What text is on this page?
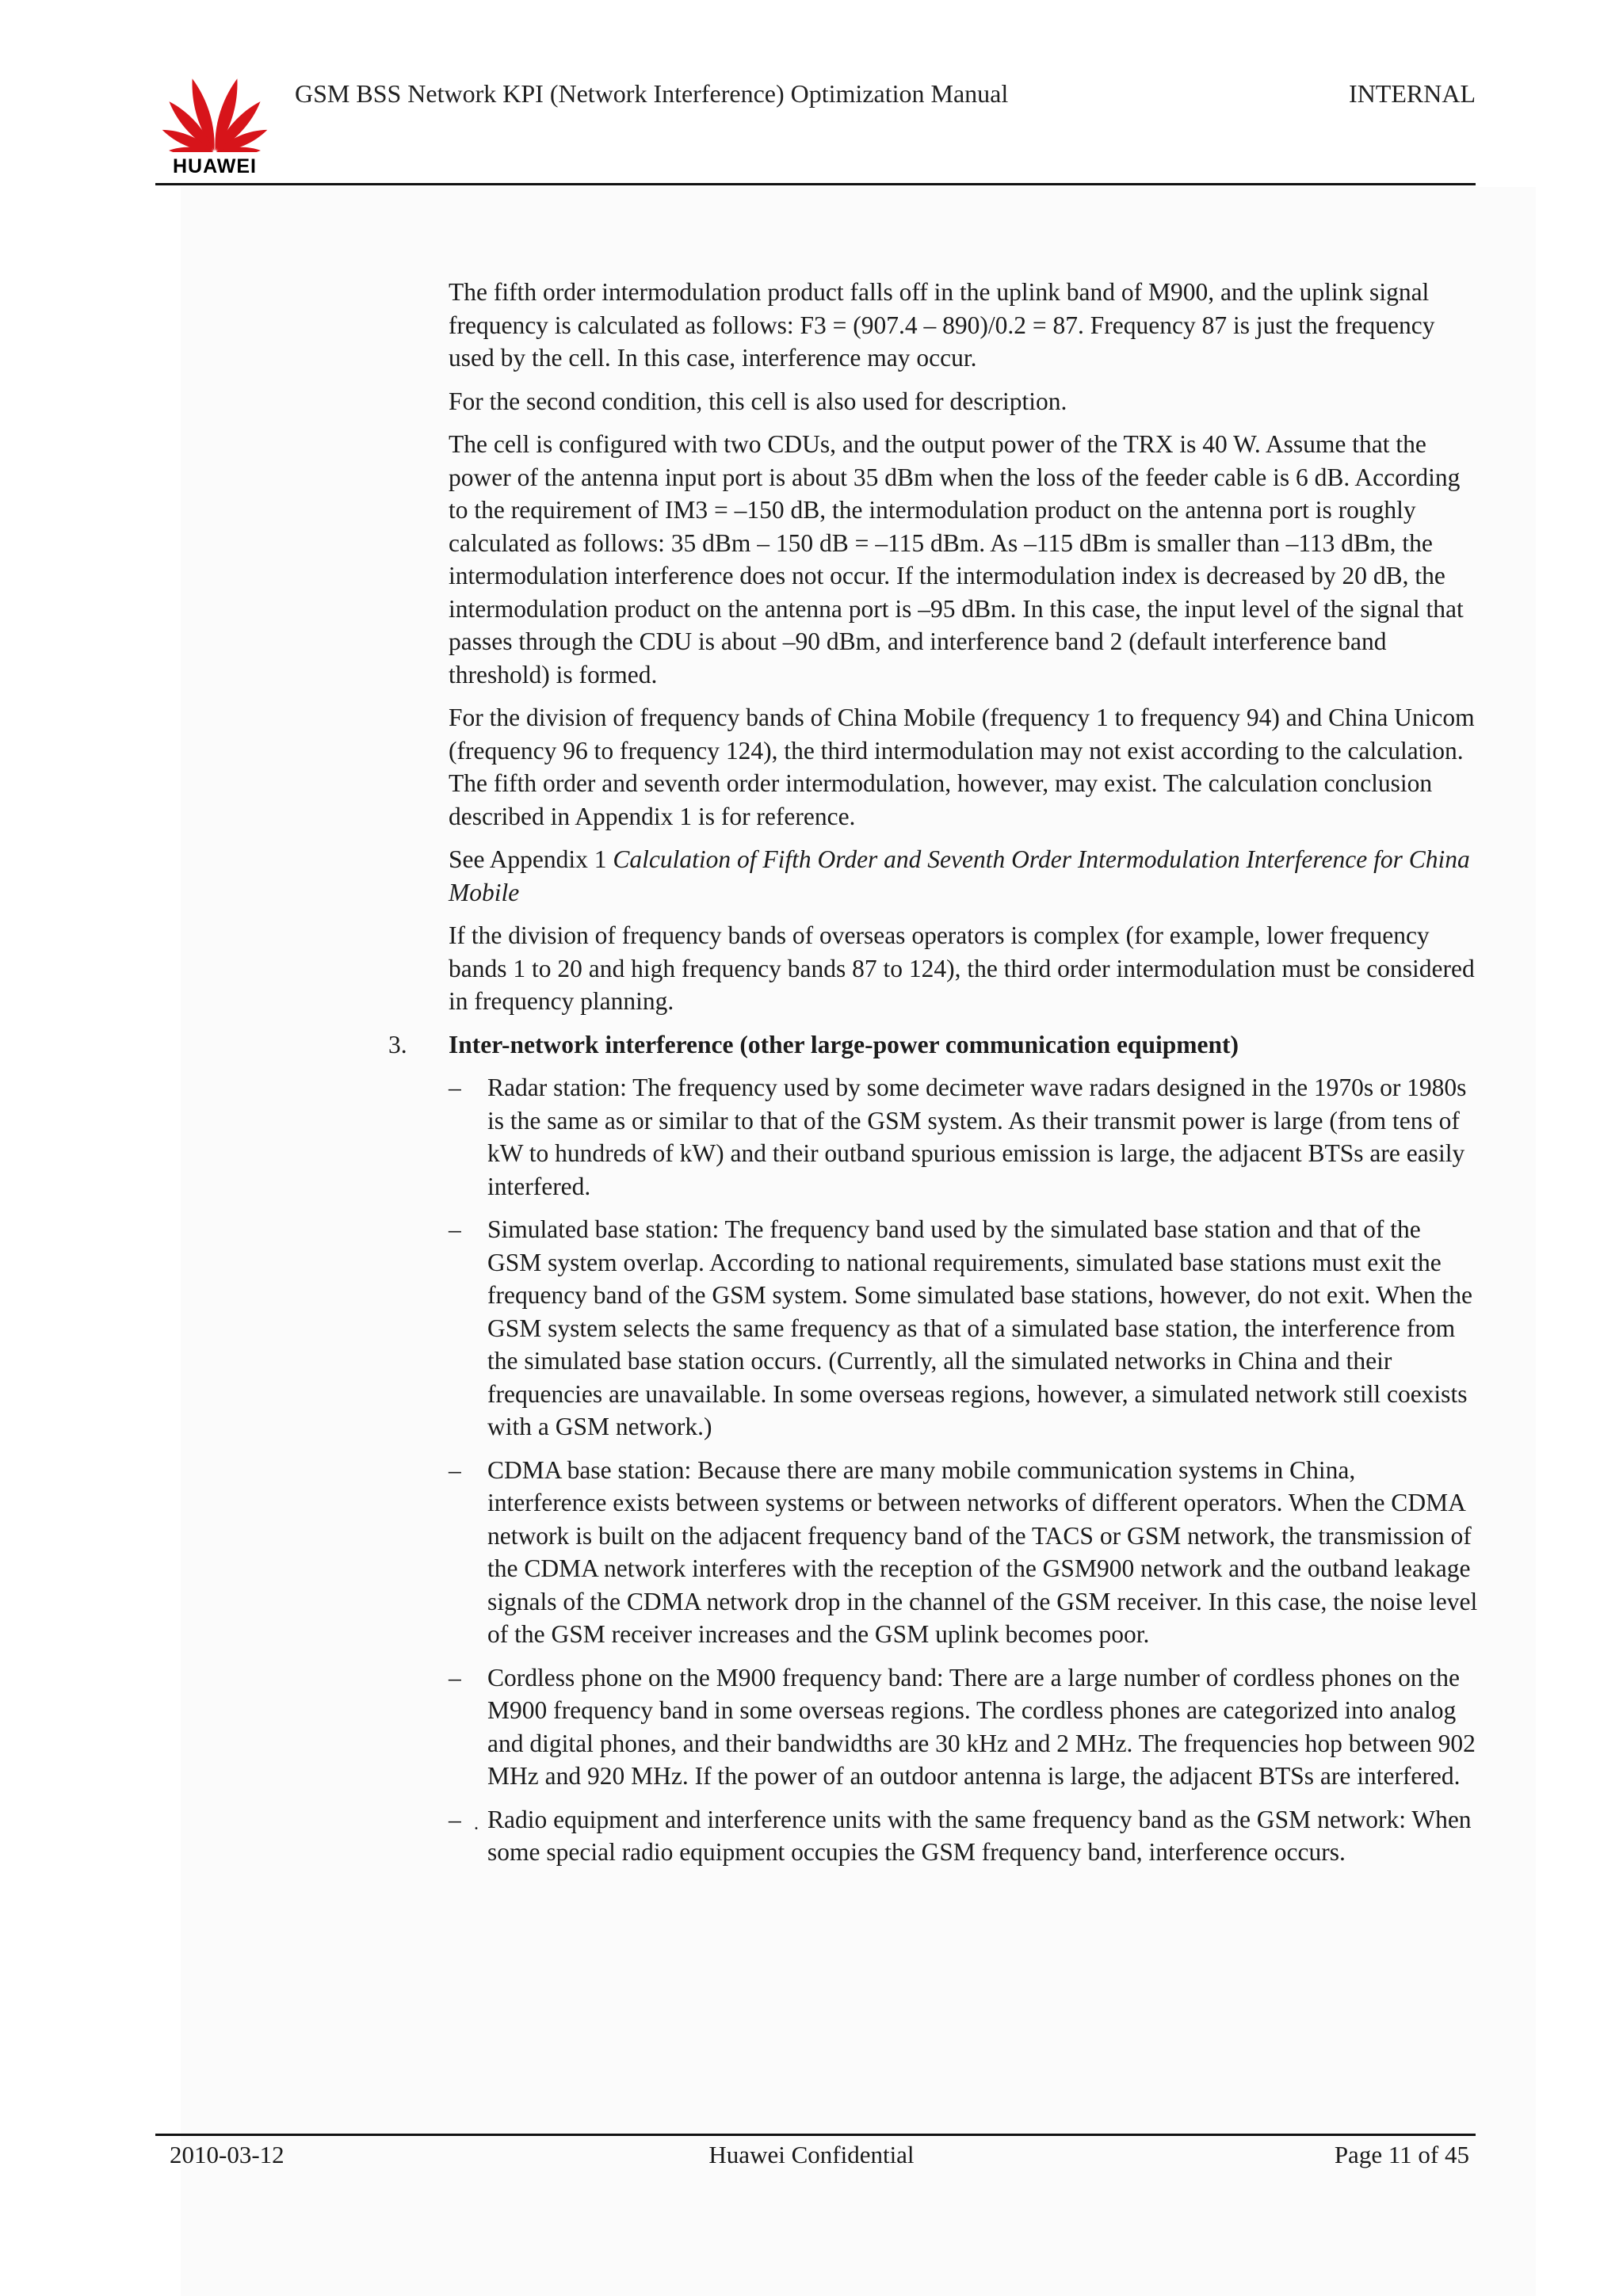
HUAWEI
GSM BSS Network KPI (Network Interference) Optimization Manual	INTERNAL

The fifth order intermodulation product falls off in the uplink band of M900, and the uplink signal frequency is calculated as follows: F3 = (907.4 – 890)/0.2 = 87. Frequency 87 is just the frequency used by the cell. In this case, interference may occur.

For the second condition, this cell is also used for description.

The cell is configured with two CDUs, and the output power of the TRX is 40 W. Assume that the power of the antenna input port is about 35 dBm when the loss of the feeder cable is 6 dB. According to the requirement of IM3 = –150 dB, the intermodulation product on the antenna port is roughly calculated as follows: 35 dBm – 150 dB = –115 dBm. As –115 dBm is smaller than –113 dBm, the intermodulation interference does not occur. If the intermodulation index is decreased by 20 dB, the intermodulation product on the antenna port is –95 dBm. In this case, the input level of the signal that passes through the CDU is about –90 dBm, and interference band 2 (default interference band threshold) is formed.

For the division of frequency bands of China Mobile (frequency 1 to frequency 94) and China Unicom (frequency 96 to frequency 124), the third intermodulation may not exist according to the calculation. The fifth order and seventh order intermodulation, however, may exist. The calculation conclusion described in Appendix 1 is for reference.

See Appendix 1 Calculation of Fifth Order and Seventh Order Intermodulation Interference for China Mobile

If the division of frequency bands of overseas operators is complex (for example, lower frequency bands 1 to 20 and high frequency bands 87 to 124), the third order intermodulation must be considered in frequency planning.

3. Inter-network interference (other large-power communication equipment)
– Radar station: The frequency used by some decimeter wave radars designed in the 1970s or 1980s is the same as or similar to that of the GSM system. As their transmit power is large (from tens of kW to hundreds of kW) and their outband spurious emission is large, the adjacent BTSs are easily interfered.
– Simulated base station: The frequency band used by the simulated base station and that of the GSM system overlap. According to national requirements, simulated base stations must exit the frequency band of the GSM system. Some simulated base stations, however, do not exit. When the GSM system selects the same frequency as that of a simulated base station, the interference from the simulated base station occurs. (Currently, all the simulated networks in China and their frequencies are unavailable. In some overseas regions, however, a simulated network still coexists with a GSM network.)
– CDMA base station: Because there are many mobile communication systems in China, interference exists between systems or between networks of different operators. When the CDMA network is built on the adjacent frequency band of the TACS or GSM network, the transmission of the CDMA network interferes with the reception of the GSM900 network and the outband leakage signals of the CDMA network drop in the channel of the GSM receiver. In this case, the noise level of the GSM receiver increases and the GSM uplink becomes poor.
– Cordless phone on the M900 frequency band: There are a large number of cordless phones on the M900 frequency band in some overseas regions. The cordless phones are categorized into analog and digital phones, and their bandwidths are 30 kHz and 2 MHz. The frequencies hop between 902 MHz and 920 MHz. If the power of an outdoor antenna is large, the adjacent BTSs are interfered.
– . Radio equipment and interference units with the same frequency band as the GSM network: When some special radio equipment occupies the GSM frequency band, interference occurs.
2010-03-12	Huawei Confidential	Page 11 of 45
